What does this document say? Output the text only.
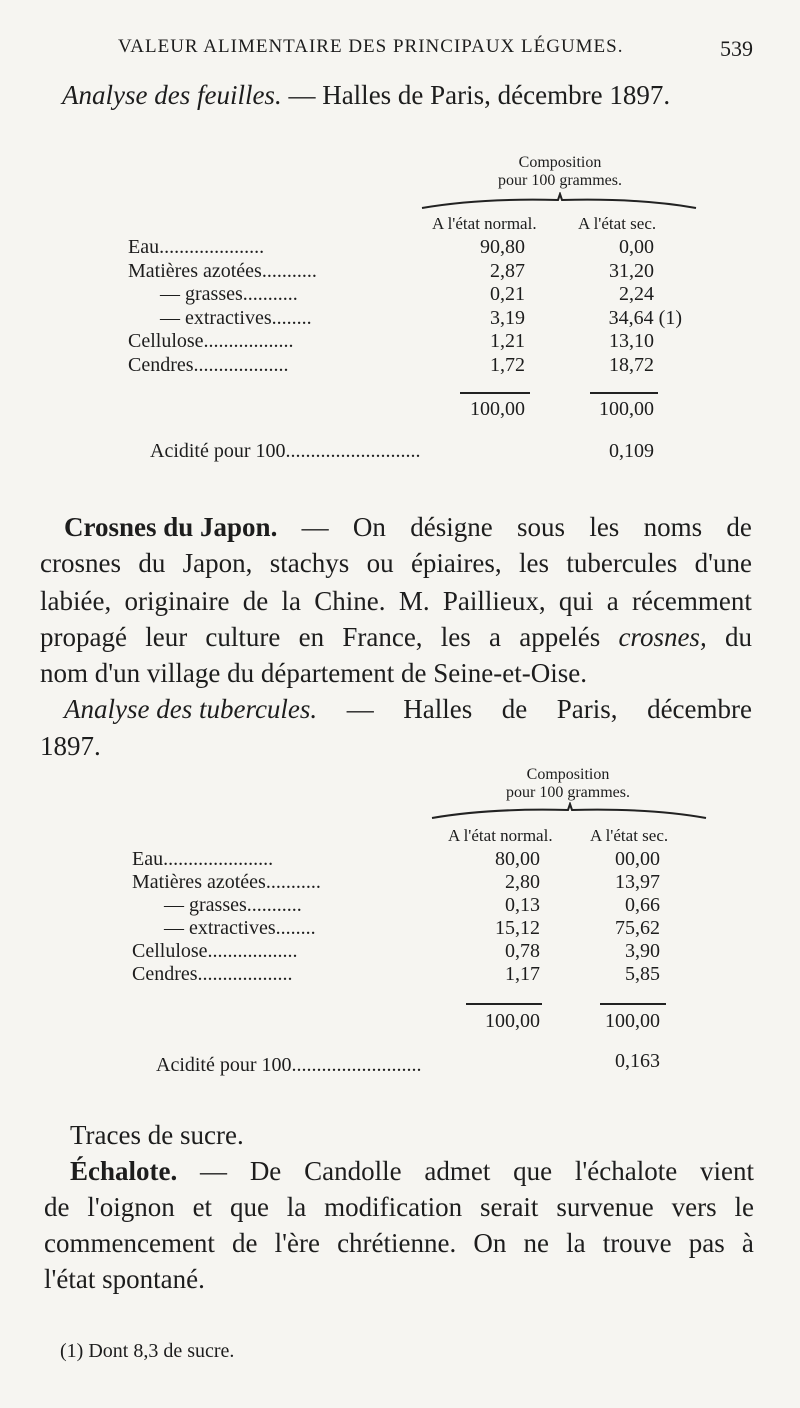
VALEUR ALIMENTAIRE DES PRINCIPAUX LÉGUMES.	539
Analyse des feuilles. — Halles de Paris, décembre 1897.
Composition
pour 100 grammes.
A l'état normal. A l'état sec.
Eau.....................	90,80	0,00
Matières azotées...........	2,87	31,20
— grasses...........	0,21	2,24
— extractives........	3,19	34,64 (1)
Cellulose..................	1,21	13,10
Cendres...................	1,72	18,72
100,00	100,00
Acidité pour 100...........................	0,109
Crosnes du Japon. — On désigne sous les noms de
crosnes du Japon, stachys ou épiaires, les tubercules d'une
labiée, originaire de la Chine. M. Paillieux, qui a récemment
propagé leur culture en France, les a appelés crosnes, du
nom d'un village du département de Seine-et-Oise.
Analyse des tubercules. — Halles de Paris, décembre
1897.
Composition
pour 100 grammes.
A l'état normal. A l'état sec.
Eau......................	80,00	00,00
Matières azotées...........	2,80	13,97
— grasses...........	0,13	0,66
— extractives........	15,12	75,62
Cellulose..................	0,78	3,90
Cendres...................	1,17	5,85
100,00	100,00
Acidité pour 100..........................	0,163
Traces de sucre.
Échalote. — De Candolle admet que l'échalote vient
de l'oignon et que la modification serait survenue vers le
commencement de l'ère chrétienne. On ne la trouve pas à
l'état spontané.
(1) Dont 8,3 de sucre.
